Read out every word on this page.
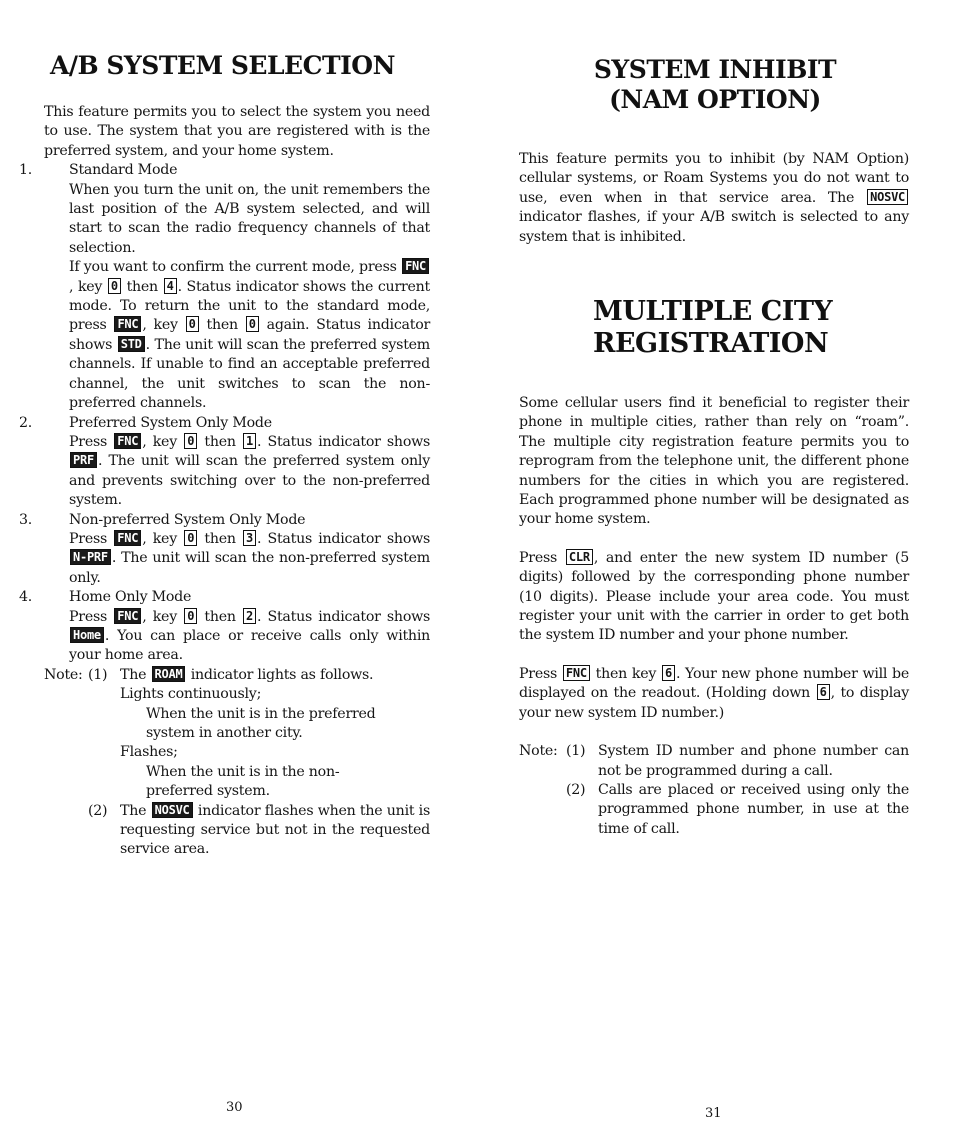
A/B SYSTEM SELECTION

This feature permits you to select the system you need to use. The system that you are registered with is the preferred system, and your home system.

1.	Standard Mode

When you turn the unit on, the unit remembers the last position of the A/B system selected, and will start to scan the radio frequency channels of that selection.

If you want to confirm the current mode, press FNC, key 0 then 4 . Status indicator shows the current mode. To return the unit to the standard mode, press FNC , key 0 then 0 again. Status indicator shows STD . The unit will scan the preferred system channels. If unable to find an acceptable preferred channel, the unit switches to scan the non-preferred channels.

2.	Preferred System Only Mode

Press FNC , key 0 then 1 . Status indicator shows PRF . The unit will scan the preferred system only and prevents switching over to the non-preferred system.

3.	Non-preferred System Only Mode

Press FNC , key 0 then 3 . Status indicator shows N-PRF . The unit will scan the non-preferred system only.

4.	Home Only Mode

Press FNC , key 0 then 2 . Status indicator shows Home . You can place or receive calls only within your home area.

Note: (1) The ROAM indicator lights as follows.

Lights continuously;
When the unit is in the preferred system in another city.
Flashes;
When the unit is in the non-preferred system.
(2) The NOSVC indicator flashes when the unit is requesting service but not in the requested service area.

30
SYSTEM INHIBIT
(NAM OPTION)

This feature permits you to inhibit (by NAM Option) cellular systems, or Roam Systems you do not want to use, even when in that service area. The NOSVC indicator flashes, if your A/B switch is selected to any system that is inhibited.

MULTIPLE CITY
REGISTRATION

Some cellular users find it beneficial to register their phone in multiple cities, rather than rely on “roam”. The multiple city registration feature permits you to reprogram from the telephone unit, the different phone numbers for the cities in which you are registered. Each programmed phone number will be designated as your home system.

Press CLR , and enter the new system ID number (5 digits) followed by the corresponding phone number (10 digits). Please include your area code. You must register your unit with the carrier in order to get both the system ID number and your phone number.

Press FNC then key 6 . Your new phone number will be displayed on the readout. (Holding down 6 , to display your new system ID number.)

Note: (1) System ID number and phone number can not be programmed during a call.

(2) Calls are placed or received using only the programmed phone number, in use at the time of call.

31
